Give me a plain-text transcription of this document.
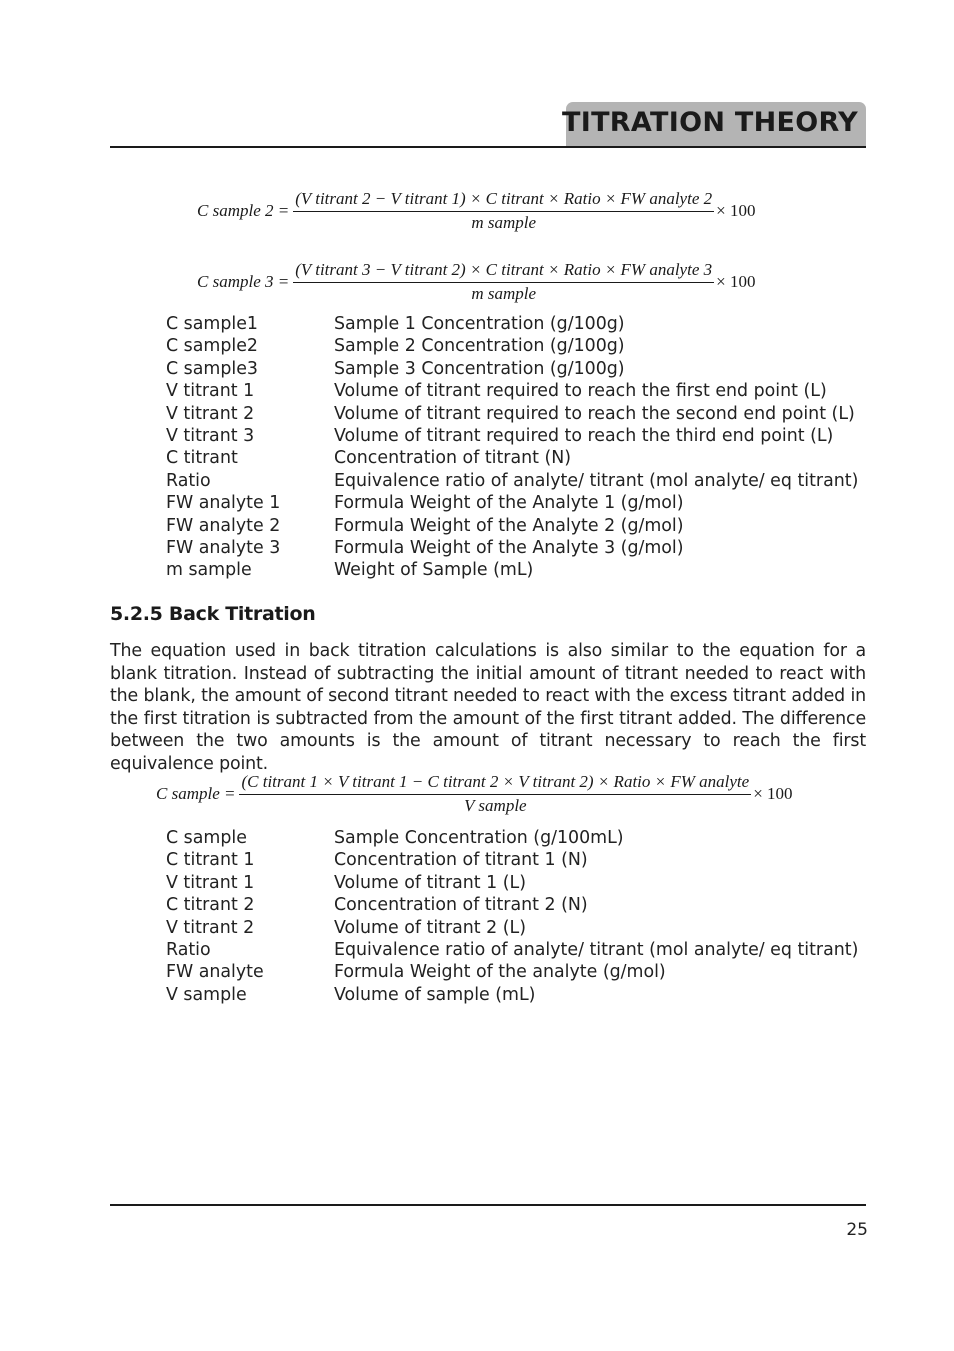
TITRATION THEORY
C sample 2 =
(V titrant 2 − V titrant 1) × C titrant × Ratio × FW analyte 2
m sample
× 100
C sample 3 =
(V titrant 3 − V titrant 2) × C titrant × Ratio × FW analyte 3
m sample
× 100
C sample1	Sample 1 Concentration (g/100g)
C sample2	Sample 2 Concentration (g/100g)
C sample3	Sample 3 Concentration (g/100g)
V titrant 1	Volume of titrant required to reach the first end point (L)
V titrant 2	Volume of titrant required to reach the second end point (L)
V titrant 3	Volume of titrant required to reach the third end point (L)
C titrant	Concentration of titrant (N)
Ratio	Equivalence ratio of analyte/ titrant (mol analyte/ eq titrant)
FW analyte 1	Formula Weight of the Analyte 1 (g/mol)
FW analyte 2	Formula Weight of the Analyte 2 (g/mol)
FW analyte 3	Formula Weight of the Analyte 3 (g/mol)
m sample	Weight of Sample (mL)
5.2.5 Back Titration
The equation used in back titration calculations is also similar to the equation for a blank titration. Instead of subtracting the initial amount of titrant needed to react with the blank, the amount of second titrant needed to react with the excess titrant added in the first titration is subtracted from the amount of the first titrant added. The difference between the two amounts is the amount of titrant necessary to reach the first equivalence point.
C sample =
(C titrant 1 × V titrant 1 − C titrant 2 × V titrant 2) × Ratio × FW analyte
V sample
× 100
C sample	Sample Concentration (g/100mL)
C titrant 1	Concentration of titrant 1 (N)
V titrant 1	Volume of titrant 1 (L)
C titrant 2	Concentration of titrant 2 (N)
V titrant 2	Volume of titrant 2 (L)
Ratio	Equivalence ratio of analyte/ titrant (mol analyte/ eq titrant)
FW analyte	Formula Weight of the analyte (g/mol)
V sample	Volume of sample (mL)
25
